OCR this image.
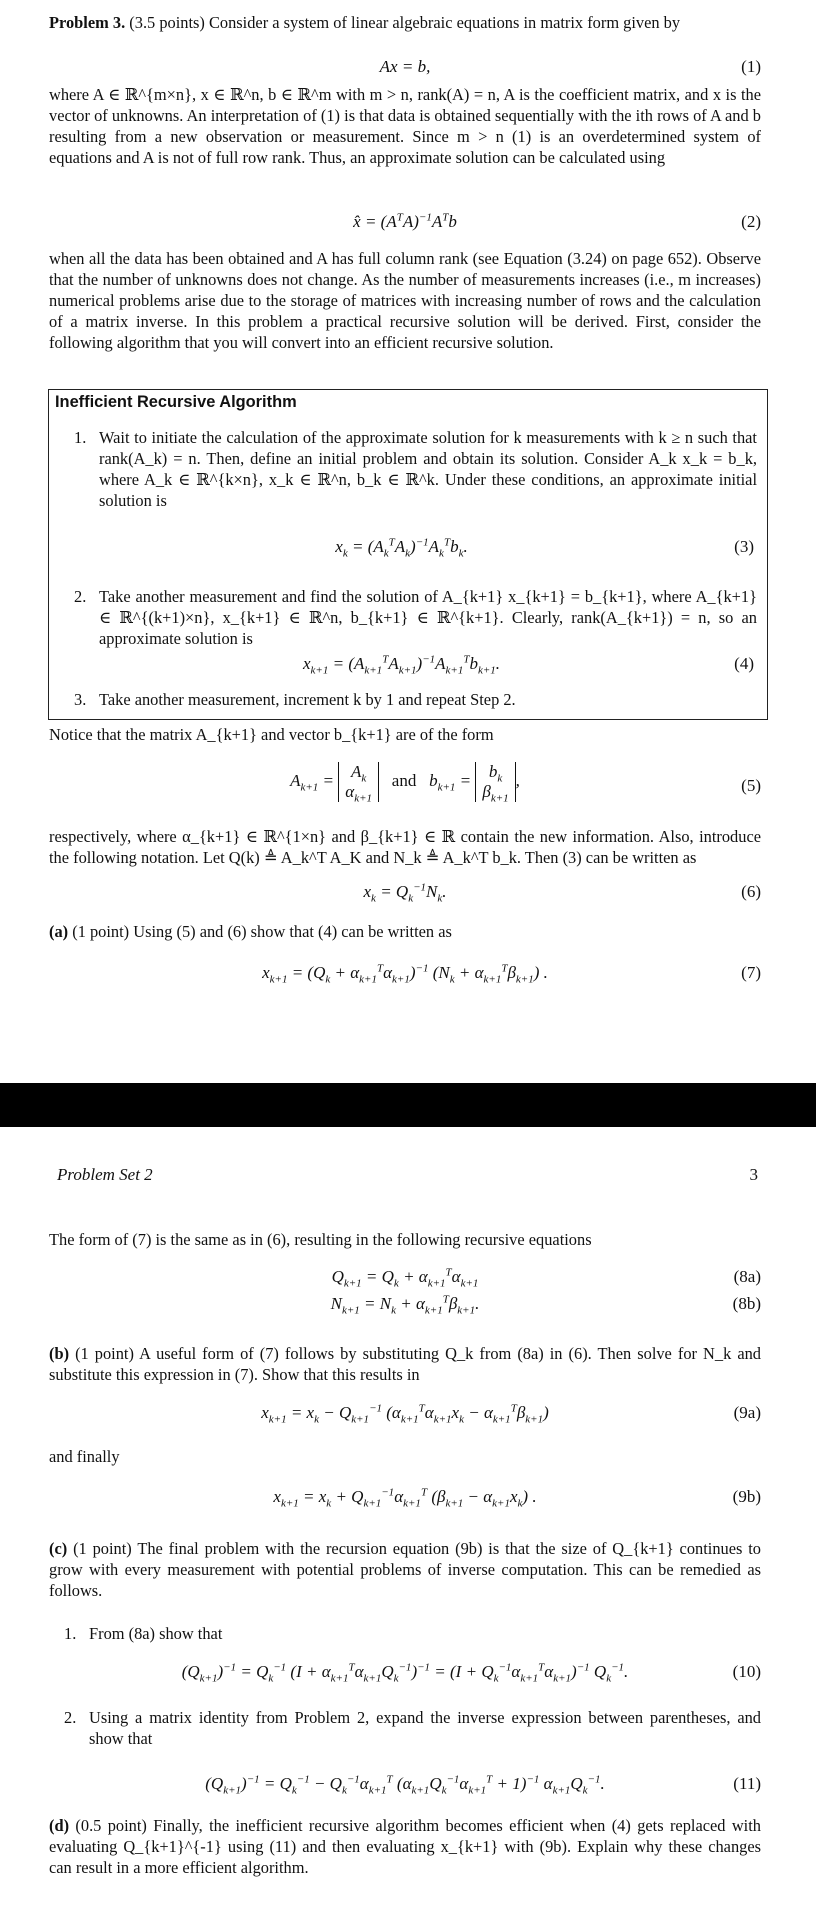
Problem 3. (3.5 points) Consider a system of linear algebraic equations in matrix form given by
Ax = b,	(1)
where A ∈ ℝ^{m×n}, x ∈ ℝ^n, b ∈ ℝ^m with m > n, rank(A) = n, A is the coefficient matrix, and x is the vector of unknowns. An interpretation of (1) is that data is obtained sequentially with the ith rows of A and b resulting from a new observation or measurement. Since m > n (1) is an overdetermined system of equations and A is not of full row rank. Thus, an approximate solution can be calculated using
x̂ = $(A^TA)^{-1}A^Tb$	(2)
when all the data has been obtained and A has full column rank (see Equation (3.24) on page 652). Observe that the number of unknowns does not change. As the number of measurements increases (i.e., m increases) numerical problems arise due to the storage of matrices with increasing number of rows and the calculation of a matrix inverse. In this problem a practical recursive solution will be derived. First, consider the following algorithm that you will convert into an efficient recursive solution.
Inefficient Recursive Algorithm
1. Wait to initiate the calculation of the approximate solution for k measurements with k ≥ n such that rank(A_k) = n. Then, define an initial problem and obtain its solution. Consider A_k x_k = b_k, where A_k ∈ ℝ^{k×n}, x_k ∈ ℝ^n, b_k ∈ ℝ^k. Under these conditions, an approximate initial solution is
$x_k = (A_k^TA_k)^{-1}A_k^Tb_k$.	(3)
2. Take another measurement and find the solution of A_{k+1} x_{k+1} = b_{k+1}, where A_{k+1} ∈ ℝ^{(k+1)×n}, x_{k+1} ∈ ℝ^n, b_{k+1} ∈ ℝ^{k+1}. Clearly, rank(A_{k+1}) = n, so an approximate solution is
$x_{k+1} = (A_{k+1}^TA_{k+1})^{-1}A_{k+1}^Tb_{k+1}$.	(4)
3. Take another measurement, increment k by 1 and repeat Step 2.
Notice that the matrix A_{k+1} and vector b_{k+1} are of the form
$A_{k+1} = A_k$
$\alpha_{k+1}$   and   $b_{k+1} = b_k$
$\beta_{k+1}$,	(5)
respectively, where α_{k+1} ∈ ℝ^{1×n} and β_{k+1} ∈ ℝ contain the new information. Also, introduce the following notation. Let Q(k) ≜ A_k^T A_K and N_k ≜ A_k^T b_k. Then (3) can be written as
$x_k = Q_k^{-1}N_k$.	(6)
(a) (1 point) Using (5) and (6) show that (4) can be written as
$x_{k+1} = (Q_k + \alpha_{k+1}^T\alpha_{k+1})^{-1}$ $(N_k + \alpha_{k+1}^T\beta_{k+1})$ .	(7)
Problem Set 2	3
The form of (7) is the same as in (6), resulting in the following recursive equations
$Q_{k+1} = Q_k + \alpha_{k+1}^T\alpha_{k+1}$	(8a)
$N_{k+1} = N_k + \alpha_{k+1}^T\beta_{k+1}$.	(8b)
(b) (1 point) A useful form of (7) follows by substituting Q_k from (8a) in (6). Then solve for N_k and substitute this expression in (7). Show that this results in
$x_{k+1} = x_k - Q_{k+1}^{-1}$ $(\alpha_{k+1}^T\alpha_{k+1}x_k - \alpha_{k+1}^T\beta_{k+1})$	(9a)
and finally
$x_{k+1} = x_k + Q_{k+1}^{-1}\alpha_{k+1}^T$ $(\beta_{k+1} - \alpha_{k+1}x_k)$ .	(9b)
(c) (1 point) The final problem with the recursion equation (9b) is that the size of Q_{k+1} continues to grow with every measurement with potential problems of inverse computation. This can be remedied as follows.
1. From (8a) show that
$(Q_{k+1})^{-1} = Q_k^{-1}$ $(I + \alpha_{k+1}^T\alpha_{k+1}Q_k^{-1})^{-1} = (I + Q_k^{-1}\alpha_{k+1}^T\alpha_{k+1})^{-1}$ $Q_k^{-1}$.	(10)
2. Using a matrix identity from Problem 2, expand the inverse expression between parentheses, and show that
$(Q_{k+1})^{-1} = Q_k^{-1} - Q_k^{-1}\alpha_{k+1}^T$ $(\alpha_{k+1}Q_k^{-1}\alpha_{k+1}^T + 1)^{-1}$ $\alpha_{k+1}Q_k^{-1}$.	(11)
(d) (0.5 point) Finally, the inefficient recursive algorithm becomes efficient when (4) gets replaced with evaluating Q_{k+1}^{-1} using (11) and then evaluating x_{k+1} with (9b). Explain why these changes can result in a more efficient algorithm.
